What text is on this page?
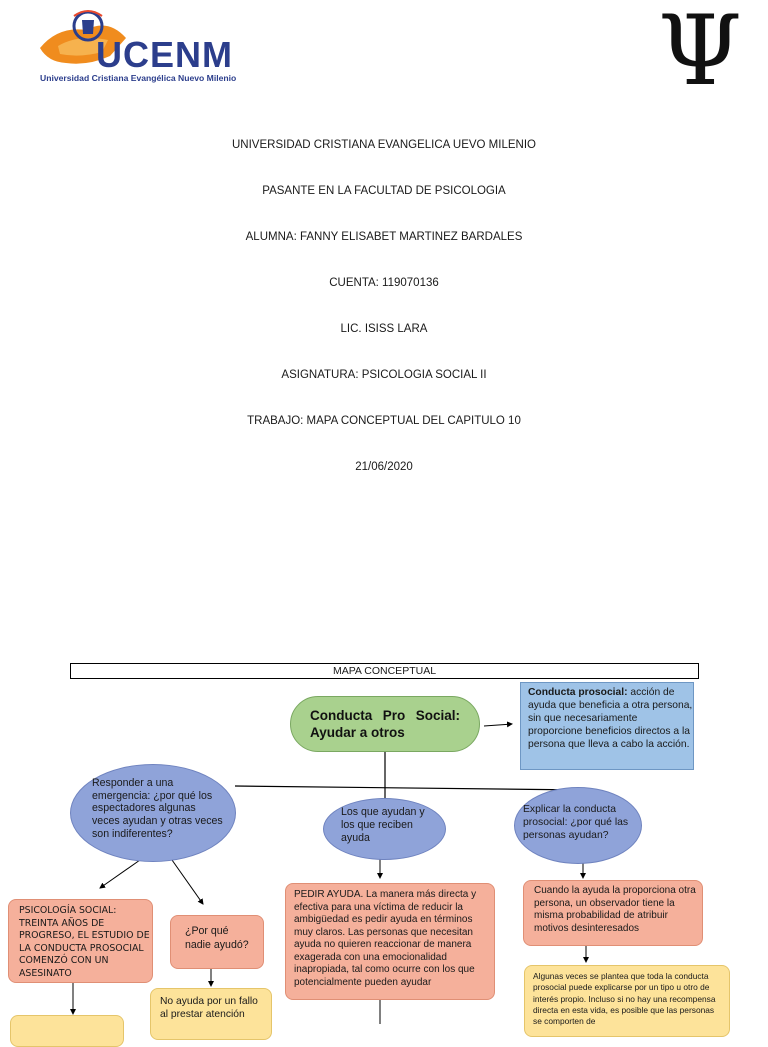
UCENM
Universidad Cristiana Evangélica Nuevo Milenio	Ψ
UNIVERSIDAD CRISTIANA EVANGELICA UEVO MILENIO
PASANTE EN LA FACULTAD DE PSICOLOGIA
ALUMNA: FANNY ELISABET MARTINEZ BARDALES
CUENTA: 119070136
LIC. ISISS LARA
ASIGNATURA: PSICOLOGIA SOCIAL II
TRABAJO: MAPA CONCEPTUAL DEL CAPITULO 10
21/06/2020
MAPA CONCEPTUAL
Conducta Pro Social: Ayudar a otros
Conducta prosocial: acción de ayuda que beneficia a otra persona, sin que necesariamente proporcione beneficios directos a la persona que lleva a cabo la acción.
Responder a una emergencia: ¿por qué los espectadores algunas veces ayudan y otras veces son indiferentes?
Los que ayudan y los que reciben ayuda
Explicar la conducta prosocial: ¿por qué las personas ayudan?
PSICOLOGÍA SOCIAL: TREINTA AÑOS DE PROGRESO, EL ESTUDIO DE LA CONDUCTA PROSOCIAL COMENZÓ CON UN ASESINATO
¿Por qué nadie ayudó?
No ayuda por un fallo al prestar atención
PEDIR AYUDA. La manera más directa y efectiva para una víctima de reducir la ambigüedad es pedir ayuda en términos muy claros. Las personas que necesitan ayuda no quieren reaccionar de manera exagerada con una emocionalidad inapropiada, tal como ocurre con los que potencialmente pueden ayudar
Cuando la ayuda la proporciona otra persona, un observador tiene la misma probabilidad de atribuir motivos desinteresados
Algunas veces se plantea que toda la conducta prosocial puede explicarse por un tipo u otro de interés propio. Incluso si no hay una recompensa directa en esta vida, es posible que las personas se comporten de
